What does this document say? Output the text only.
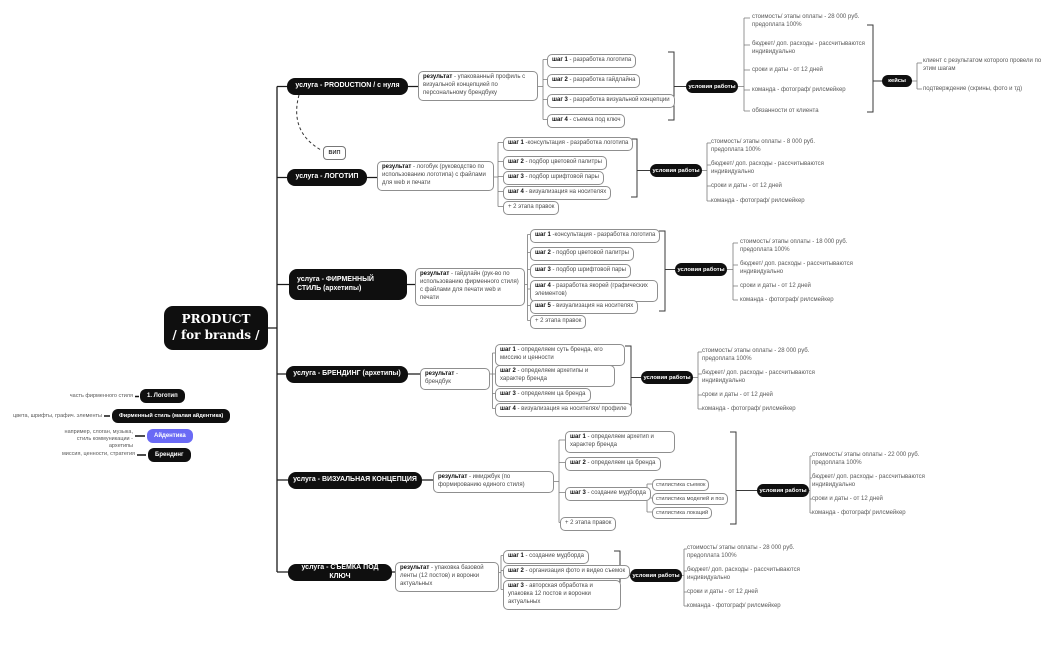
PRODUCT
/ for brands /
ВИП
часть фирменного стиля 1. Логотип
цвета, шрифты, графич. элементы	Фирменный стиль (малая айдентика)
например, слоган, музыка, стиль коммуникации - архетипы
Айдентика
миссия, ценности, стратегия	Брендинг
услуга - PRODUCTION / с нуля
результат - упакованный профиль с визуальной концепцией по персональному брендбуку
шаг 1 - разработка логотипа
шаг 2 - разработка гайдлайна
шаг 3 - разработка визуальной концепции
шаг 4 - съемка под ключ
условия работы
стоимость/ этапы оплаты - 28 000 руб. предоплата 100%
бюджет/ доп. расходы - рассчитываются индивидуально
сроки и даты - от 12 дней
команда - фотограф/ рилсмейкер
обязанности от клиента
кейсы
клиент с результатом которого провели по этим шагам
подтверждение (скрины, фото и тд)
услуга - ЛОГОТИП
результат - логобук (руководство по использованию логотипа) с файлами для web и печати
шаг 1 -консультация - разработка логотипа
шаг 2 - подбор цветовой палитры
шаг 3 - подбор шрифтовой пары
шаг 4 - визуализация на носителях
+ 2 этапа правок
условия работы
стоимость/ этапы оплаты - 8 000 руб. предоплата 100%
бюджет/ доп. расходы - рассчитываются индивидуально
сроки и даты - от 12 дней
команда - фотограф/ рилсмейкер
услуга - ФИРМЕННЫЙ СТИЛЬ (архетипы)
результат - гайдлайн (рук-во по использованию фирменного стиля) с файлами для печати web и печати
шаг 1 -консультация - разработка логотипа
шаг 2 - подбор цветовой палитры
шаг 3 - подбор шрифтовой пары
шаг 4 - разработка якорей (графических элементов)
шаг 5 - визуализация на носителях
+ 2 этапа правок
условия работы
стоимость/ этапы оплаты - 18 000 руб. предоплата 100%
бюджет/ доп. расходы - рассчитываются индивидуально
сроки и даты - от 12 дней
команда - фотограф/ рилсмейкер
услуга - БРЕНДИНГ (архетипы)	результат - брендбук
шаг 1 - определяем суть бренда, его миссию и ценности
шаг 2 - определяем архетипы и характер бренда
шаг 3 - определяем ца бренда
шаг 4 - визуализация на носителях/ профиле
условия работы
стоимость/ этапы оплаты - 28 000 руб. предоплата 100%
бюджет/ доп. расходы - рассчитываются индивидуально
сроки и даты - от 12 дней
команда - фотограф/ рилсмейкер
услуга - ВИЗУАЛЬНАЯ КОНЦЕПЦИЯ	результат - имиджбук (по формированию единого стиля)
шаг 1 - определяем архетип и характер бренда
шаг 2 - определяем ца бренда
шаг 3 - создание мудборда
+ 2 этапа правок
стилистика съемок
стилистика моделей и поз
стилистика локаций
условия работы
стоимость/ этапы оплаты - 22 000 руб. предоплата 100%
бюджет/ доп. расходы - рассчитываются индивидуально
сроки и даты - от 12 дней
команда - фотограф/ рилсмейкер
услуга - СЪЕМКА ПОД КЛЮЧ
результат - упаковка базовой ленты (12 постов) и воронки актуальных
шаг 1 - создание мудборда
шаг 2 - организация фото и видео съемок
шаг 3 - авторская обработка и упаковка 12 постов и воронки актуальных
условия работы
стоимость/ этапы оплаты - 28 000 руб. предоплата 100%
бюджет/ доп. расходы - рассчитываются индивидуально
сроки и даты - от 12 дней
команда - фотограф/ рилсмейкер
